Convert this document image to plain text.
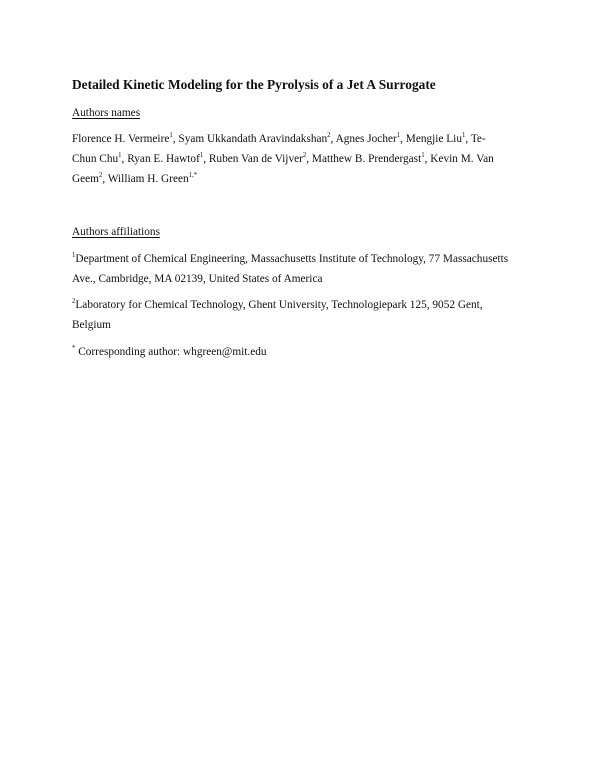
Detailed Kinetic Modeling for the Pyrolysis of a Jet A Surrogate
Authors names
Florence H. Vermeire$^1$, Syam Ukkandath Aravindakshan$^2$, Agnes Jocher$^1$, Mengjie Liu$^1$, Te-
Chun Chu$^1$, Ryan E. Hawtof$^1$, Ruben Van de Vijver$^2$, Matthew B. Prendergast$^1$, Kevin M. Van
Geem$^2$, William H. Green$^{1,*}$
Authors affiliations
$^1$Department of Chemical Engineering, Massachusetts Institute of Technology, 77 Massachusetts
Ave., Cambridge, MA 02139, United States of America
$^2$Laboratory for Chemical Technology, Ghent University, Technologiepark 125, 9052 Gent,
Belgium
* Corresponding author: whgreen@mit.edu
